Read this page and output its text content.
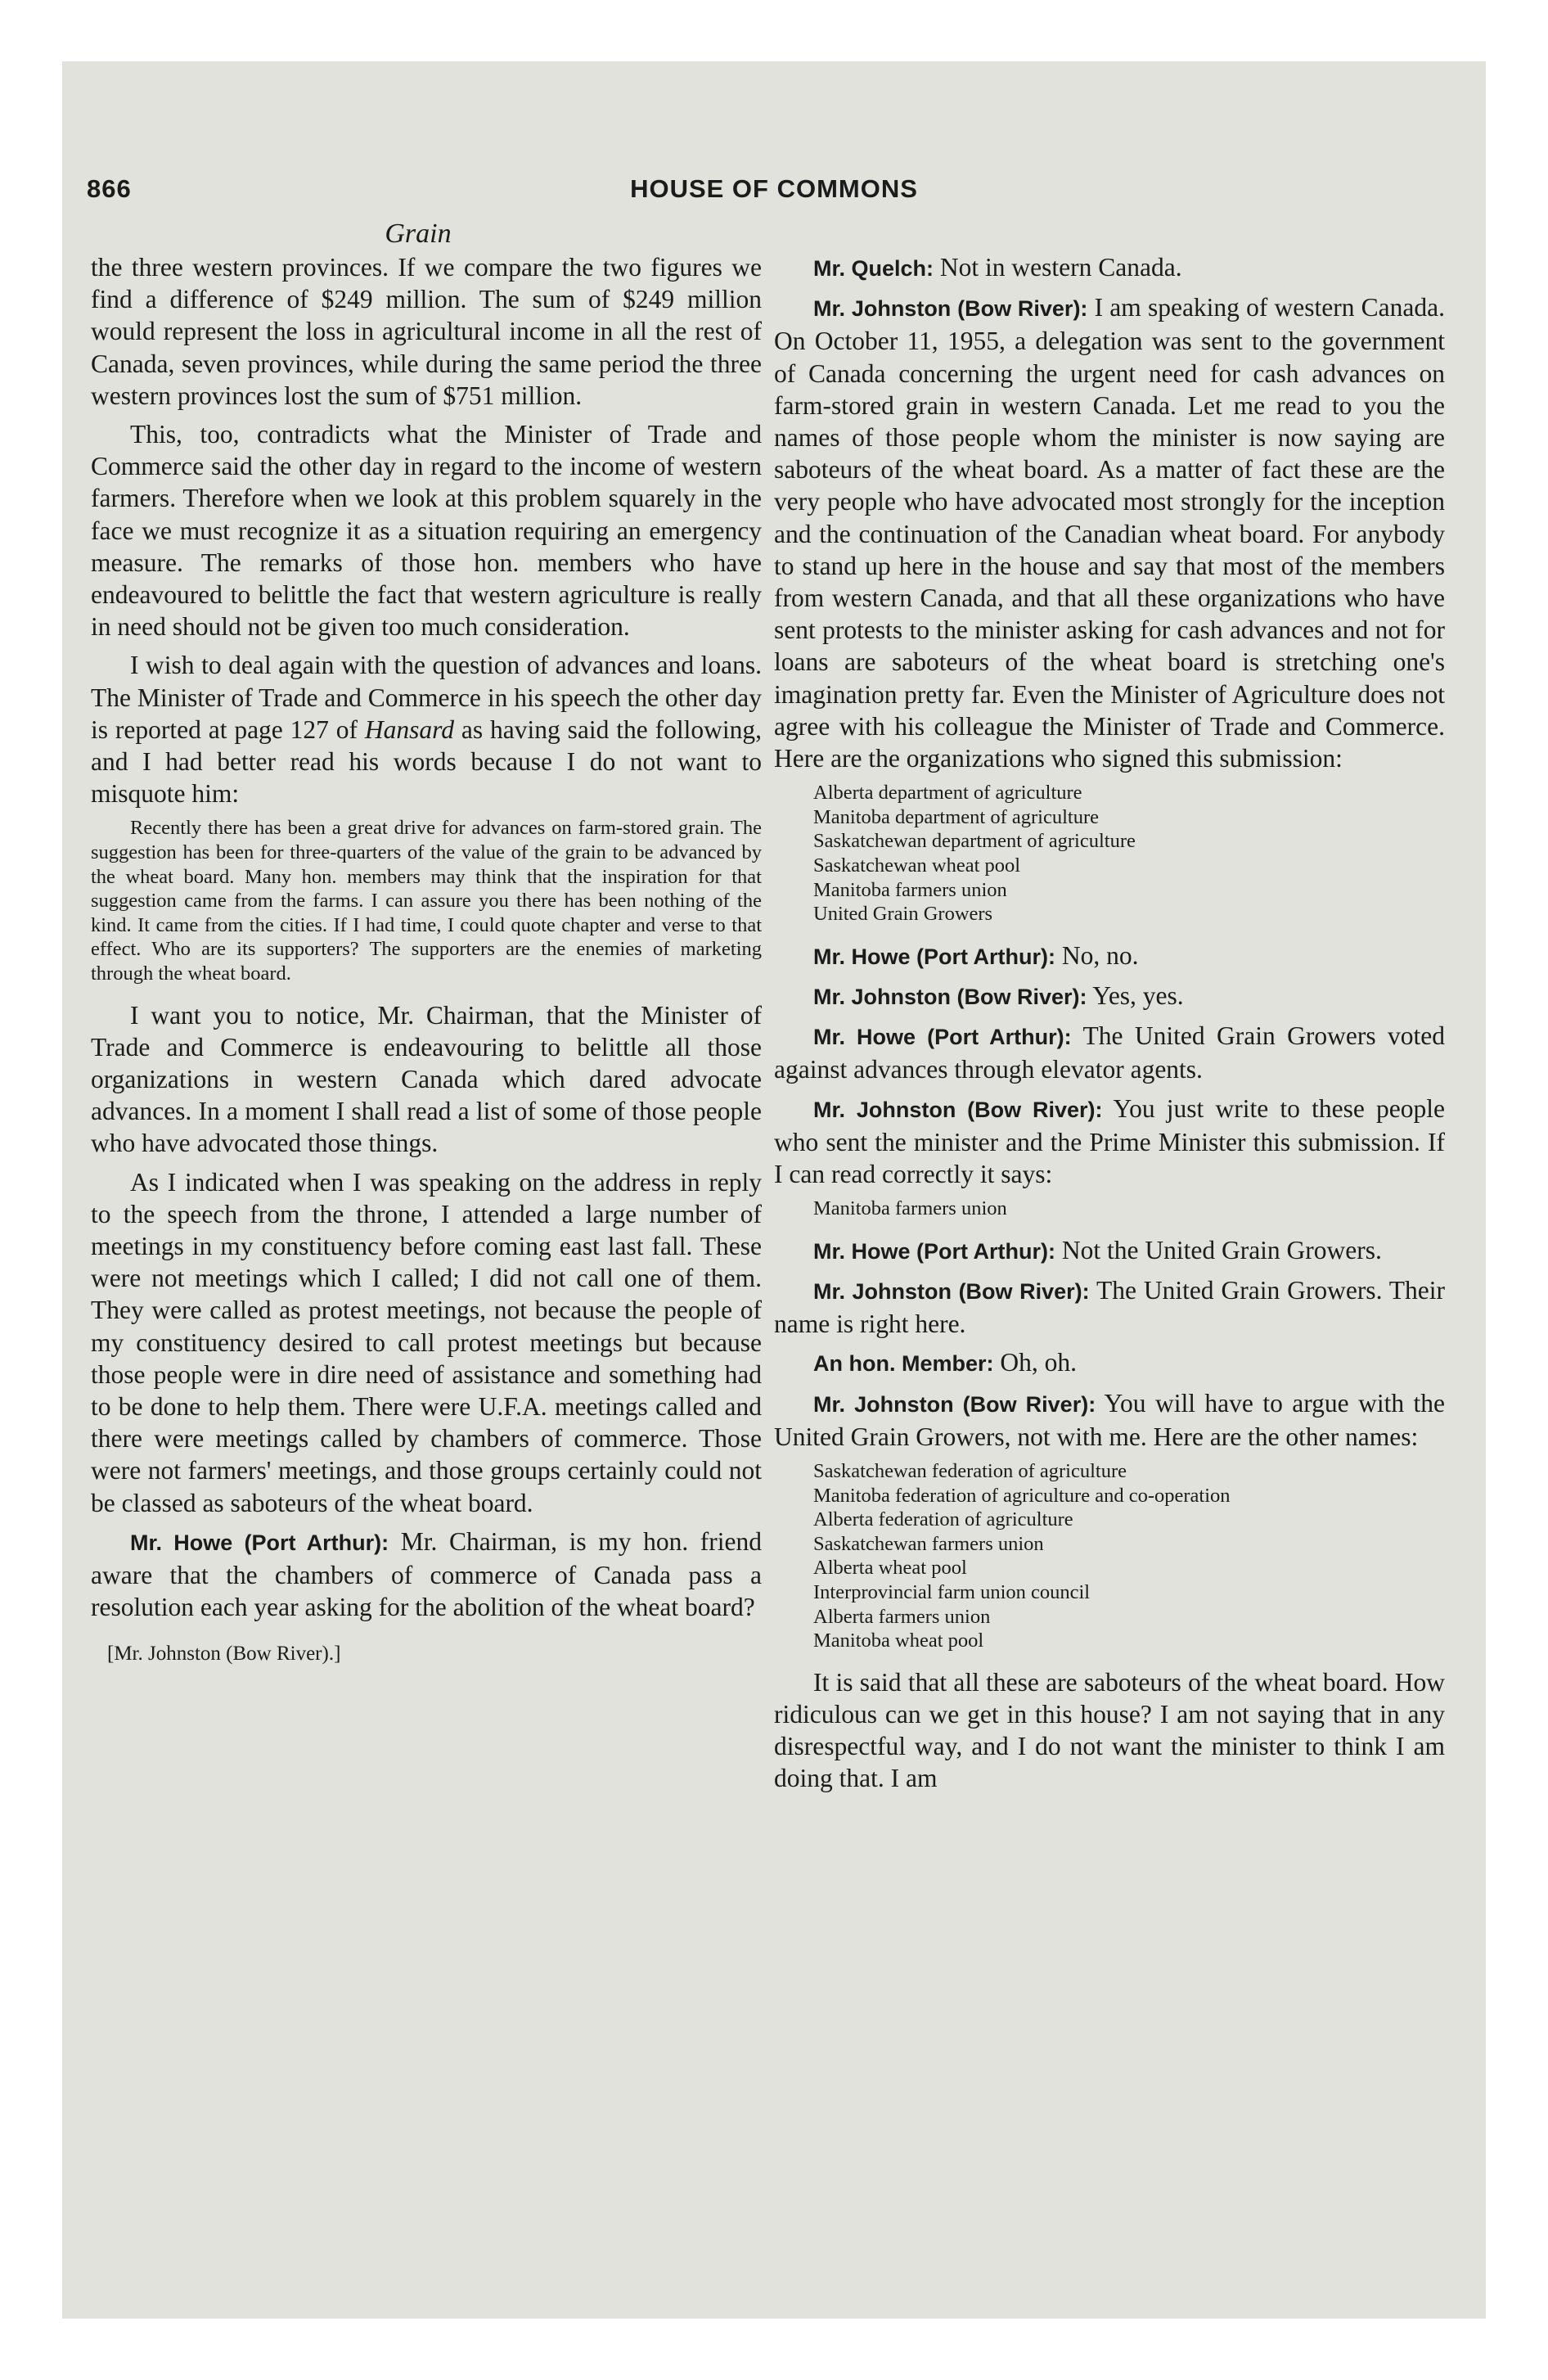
866	HOUSE OF COMMONS
Grain

the three western provinces. If we compare the two figures we find a difference of $249 million. The sum of $249 million would represent the loss in agricultural income in all the rest of Canada, seven provinces, while during the same period the three western provinces lost the sum of $751 million.

This, too, contradicts what the Minister of Trade and Commerce said the other day in regard to the income of western farmers. Therefore when we look at this problem squarely in the face we must recognize it as a situation requiring an emergency measure. The remarks of those hon. members who have endeavoured to belittle the fact that western agriculture is really in need should not be given too much consideration.

I wish to deal again with the question of advances and loans. The Minister of Trade and Commerce in his speech the other day is reported at page 127 of Hansard as having said the following, and I had better read his words because I do not want to misquote him:

Recently there has been a great drive for advances on farm-stored grain. The suggestion has been for three-quarters of the value of the grain to be advanced by the wheat board. Many hon. members may think that the inspiration for that suggestion came from the farms. I can assure you there has been nothing of the kind. It came from the cities. If I had time, I could quote chapter and verse to that effect. Who are its supporters? The supporters are the enemies of marketing through the wheat board.

I want you to notice, Mr. Chairman, that the Minister of Trade and Commerce is endeavouring to belittle all those organizations in western Canada which dared advocate advances. In a moment I shall read a list of some of those people who have advocated those things.

As I indicated when I was speaking on the address in reply to the speech from the throne, I attended a large number of meetings in my constituency before coming east last fall. These were not meetings which I called; I did not call one of them. They were called as protest meetings, not because the people of my constituency desired to call protest meetings but because those people were in dire need of assistance and something had to be done to help them. There were U.F.A. meetings called and there were meetings called by chambers of commerce. Those were not farmers' meetings, and those groups certainly could not be classed as saboteurs of the wheat board.

Mr. Howe (Port Arthur): Mr. Chairman, is my hon. friend aware that the chambers of commerce of Canada pass a resolution each year asking for the abolition of the wheat board?

[Mr. Johnston (Bow River).]

Mr. Quelch: Not in western Canada.

Mr. Johnston (Bow River): I am speaking of western Canada. On October 11, 1955, a delegation was sent to the government of Canada concerning the urgent need for cash advances on farm-stored grain in western Canada. Let me read to you the names of those people whom the minister is now saying are saboteurs of the wheat board. As a matter of fact these are the very people who have advocated most strongly for the inception and the continuation of the Canadian wheat board. For anybody to stand up here in the house and say that most of the members from western Canada, and that all these organizations who have sent protests to the minister asking for cash advances and not for loans are saboteurs of the wheat board is stretching one's imagination pretty far. Even the Minister of Agriculture does not agree with his colleague the Minister of Trade and Commerce. Here are the organizations who signed this submission:

Alberta department of agriculture
Manitoba department of agriculture
Saskatchewan department of agriculture
Saskatchewan wheat pool
Manitoba farmers union
United Grain Growers

Mr. Howe (Port Arthur): No, no.

Mr. Johnston (Bow River): Yes, yes.

Mr. Howe (Port Arthur): The United Grain Growers voted against advances through elevator agents.

Mr. Johnston (Bow River): You just write to these people who sent the minister and the Prime Minister this submission. If I can read correctly it says:

Manitoba farmers union

Mr. Howe (Port Arthur): Not the United Grain Growers.

Mr. Johnston (Bow River): The United Grain Growers. Their name is right here.

An hon. Member: Oh, oh.

Mr. Johnston (Bow River): You will have to argue with the United Grain Growers, not with me. Here are the other names:

Saskatchewan federation of agriculture
Manitoba federation of agriculture and co-operation
Alberta federation of agriculture
Saskatchewan farmers union
Alberta wheat pool
Interprovincial farm union council
Alberta farmers union
Manitoba wheat pool

It is said that all these are saboteurs of the wheat board. How ridiculous can we get in this house? I am not saying that in any disrespectful way, and I do not want the minister to think I am doing that. I am
